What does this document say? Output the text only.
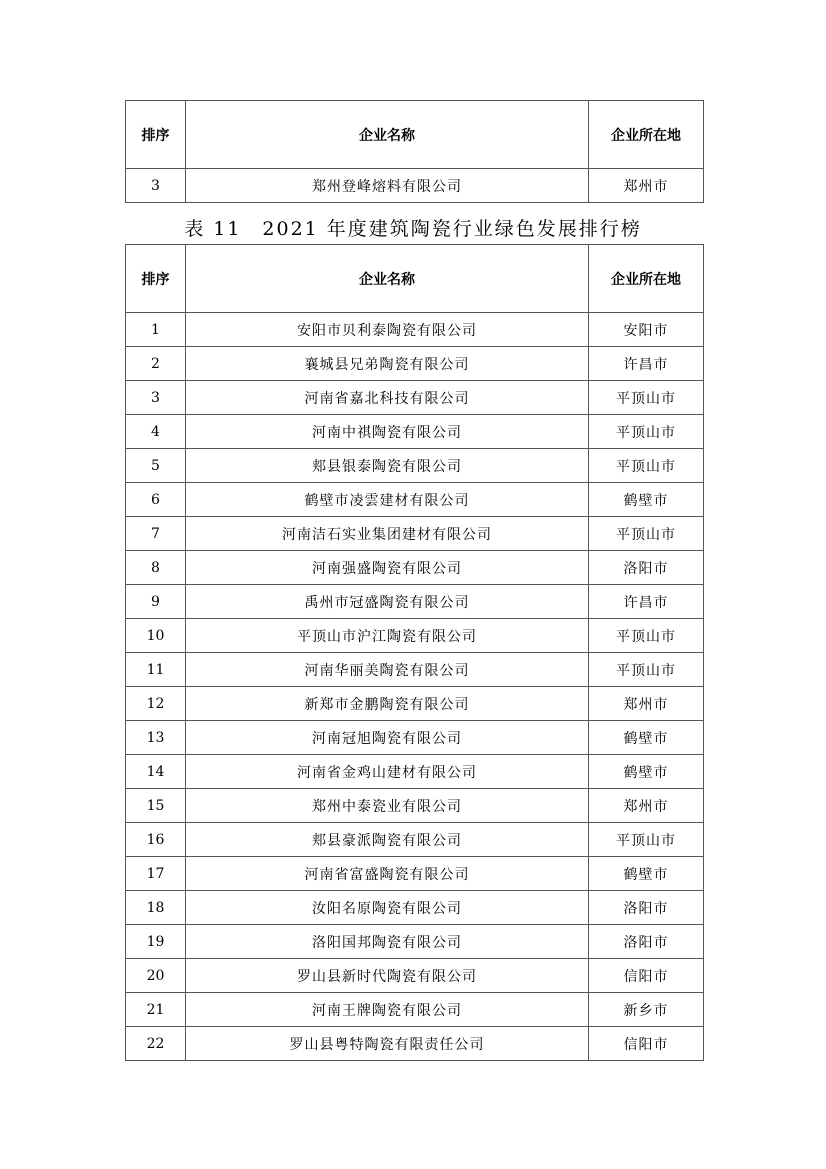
排序	企业名称	企业所在地
3	郑州登峰熔料有限公司	郑州市
表 11　2021 年度建筑陶瓷行业绿色发展排行榜
排序	企业名称	企业所在地
1	安阳市贝利泰陶瓷有限公司	安阳市
2	襄城县兄弟陶瓷有限公司	许昌市
3	河南省嘉北科技有限公司	平顶山市
4	河南中祺陶瓷有限公司	平顶山市
5	郏县银泰陶瓷有限公司	平顶山市
6	鹤壁市凌雲建材有限公司	鹤壁市
7	河南洁石实业集团建材有限公司	平顶山市
8	河南强盛陶瓷有限公司	洛阳市
9	禹州市冠盛陶瓷有限公司	许昌市
10	平顶山市沪江陶瓷有限公司	平顶山市
11	河南华丽美陶瓷有限公司	平顶山市
12	新郑市金鹏陶瓷有限公司	郑州市
13	河南冠旭陶瓷有限公司	鹤壁市
14	河南省金鸡山建材有限公司	鹤壁市
15	郑州中泰瓷业有限公司	郑州市
16	郏县豪派陶瓷有限公司	平顶山市
17	河南省富盛陶瓷有限公司	鹤壁市
18	汝阳名原陶瓷有限公司	洛阳市
19	洛阳国邦陶瓷有限公司	洛阳市
20	罗山县新时代陶瓷有限公司	信阳市
21	河南王牌陶瓷有限公司	新乡市
22	罗山县粤特陶瓷有限责任公司	信阳市
